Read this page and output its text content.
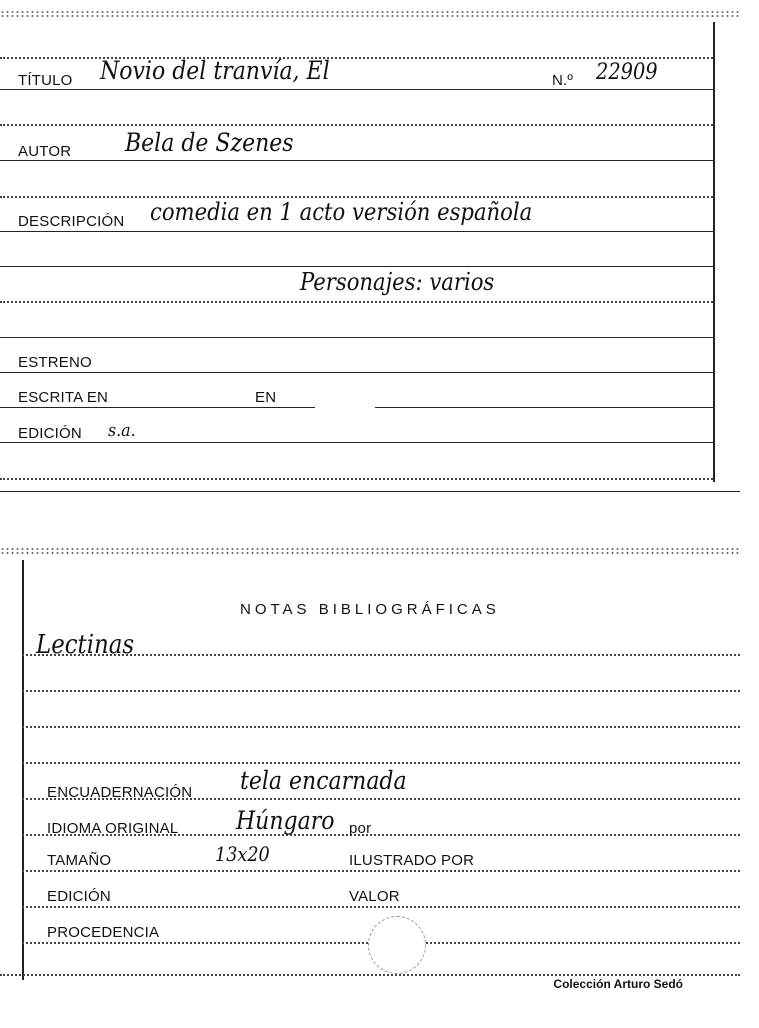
TÍTULO Novio del tranvía, El	N.º 22909
AUTOR Bela de Szenes
DESCRIPCIÓN comedia en 1 acto versión española
Personajes: varios
ESTRENO
ESCRITA EN	EN
EDICIÓN s.a.
NOTAS BIBLIOGRÁFICAS
Lectinas
ENCUADERNACIÓN tela encarnada
IDIOMA ORIGINAL Húngaro por
TAMAÑO	13x20	ILUSTRADO POR
EDICIÓN	VALOR
PROCEDENCIA
Colección Arturo Sedó
